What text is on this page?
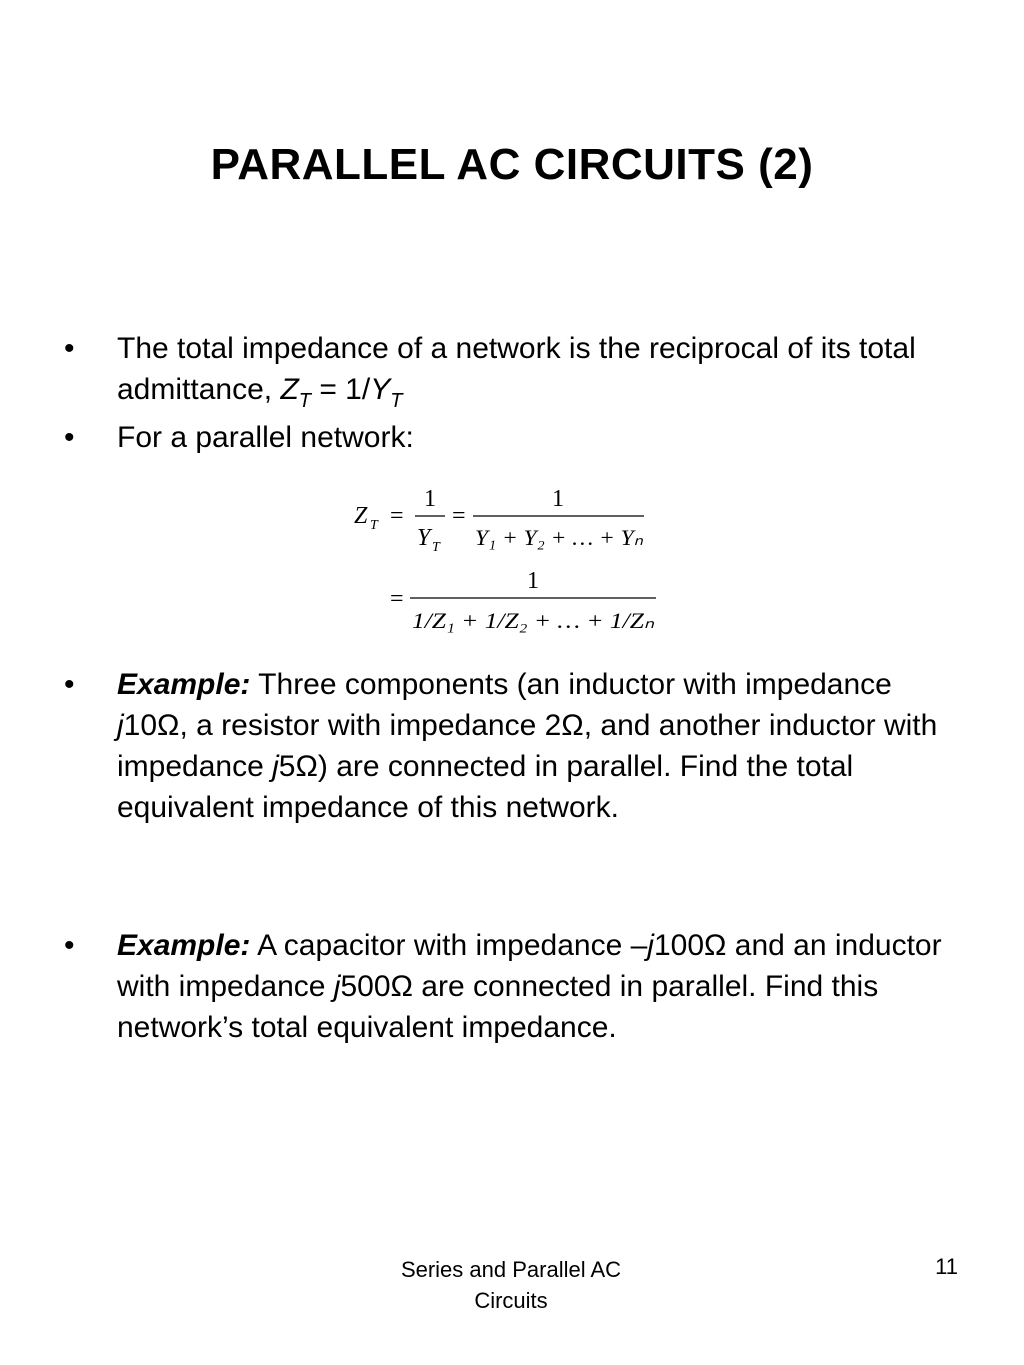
PARALLEL AC CIRCUITS (2)
•	The total impedance of a network is the reciprocal of its total admittance, $Z_T = 1/Y_T$
•	For a parallel network:
Z T =
1
Y T
=
1
Y₁ + Y₂ + … + Yₙ
=
1
1/Z₁ + 1/Z₂ + … + 1/Zₙ
•	Example: Three components (an inductor with impedance j10Ω, a resistor with impedance 2Ω, and another inductor with impedance j5Ω) are connected in parallel. Find the total equivalent impedance of this network.
•	Example: A capacitor with impedance –j100Ω and an inductor with impedance j500Ω are connected in parallel. Find this network’s total equivalent impedance.
Series and Parallel AC
Circuits
11
